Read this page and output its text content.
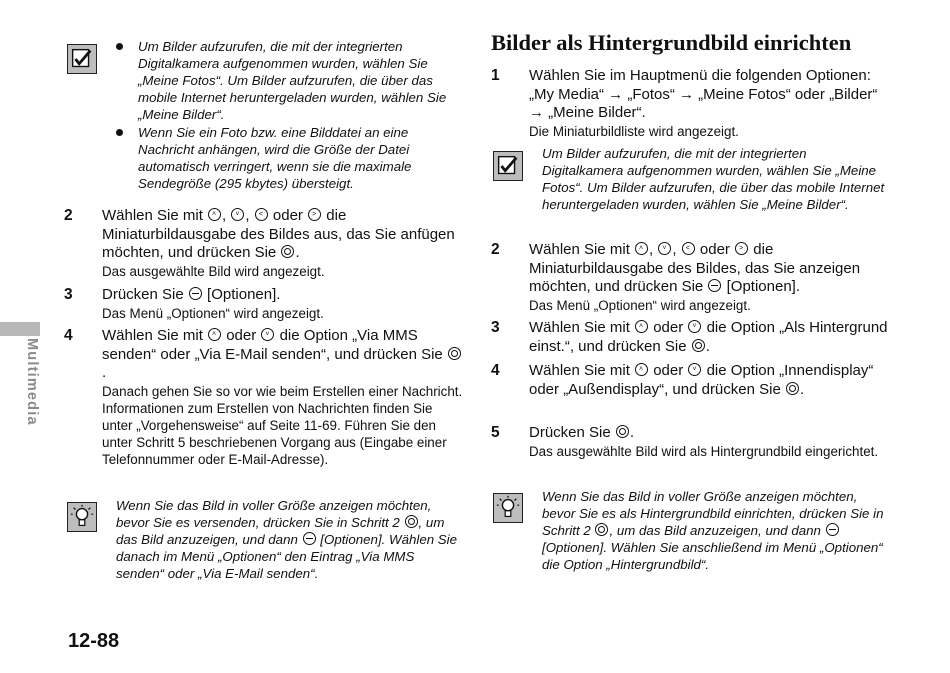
Multimedia
Um Bilder aufzurufen, die mit der integrierten Digitalkamera aufgenommen wurden, wählen Sie „Meine Fotos“. Um Bilder aufzurufen, die über das mobile Internet heruntergeladen wurden, wählen Sie „Meine Bilder“.
Wenn Sie ein Foto bzw. eine Bilddatei an eine Nachricht anhängen, wird die Größe der Datei automatisch verringert, wenn sie die maximale Sendegröße (295 kbytes) übersteigt.
2 Wählen Sie mit ˄ , ˅ , < oder > die Miniaturbildausgabe des Bildes aus, das Sie anfügen möchten, und drücken Sie .
Das ausgewählte Bild wird angezeigt.
3 Drücken Sie [Optionen].
Das Menü „Optionen“ wird angezeigt.
4 Wählen Sie mit ˄ oder ˅ die Option „Via MMS senden“ oder „Via E-Mail senden“, und drücken Sie .
Danach gehen Sie so vor wie beim Erstellen einer Nachricht. Informationen zum Erstellen von Nachrichten finden Sie unter „Vorgehensweise“ auf Seite 11-69. Führen Sie den unter Schritt 5 beschriebenen Vorgang aus (Eingabe einer Telefonnummer oder E-Mail-Adresse).
Wenn Sie das Bild in voller Größe anzeigen möchten, bevor Sie es versenden, drücken Sie in Schritt 2 , um das Bild anzuzeigen, und dann [Optionen]. Wählen Sie danach im Menü „Optionen“ den Eintrag „Via MMS senden“ oder „Via E-Mail senden“.
12-88
Bilder als Hintergrundbild einrichten
1 Wählen Sie im Hauptmenü die folgenden Optionen: „My Media“ → „Fotos“ → „Meine Fotos“ oder „Bilder“ → „Meine Bilder“.
Die Miniaturbildliste wird angezeigt.
Um Bilder aufzurufen, die mit der integrierten Digitalkamera aufgenommen wurden, wählen Sie „Meine Fotos“. Um Bilder aufzurufen, die über das mobile Internet heruntergeladen wurden, wählen Sie „Meine Bilder“.
2 Wählen Sie mit ˄ , ˅ , < oder > die Miniaturbildausgabe des Bildes, das Sie anzeigen möchten, und drücken Sie [Optionen].
Das Menü „Optionen“ wird angezeigt.
3 Wählen Sie mit ˄ oder ˅ die Option „Als Hintergrund einst.“, und drücken Sie .
4 Wählen Sie mit ˄ oder ˅ die Option „Innendisplay“ oder „Außendisplay“, und drücken Sie .
5 Drücken Sie .
Das ausgewählte Bild wird als Hintergrundbild eingerichtet.
Wenn Sie das Bild in voller Größe anzeigen möchten, bevor Sie es als Hintergrundbild einrichten, drücken Sie in Schritt 2 , um das Bild anzuzeigen, und dann  [Optionen]. Wählen Sie anschließend im Menü „Optionen“ die Option „Hintergrundbild“.
